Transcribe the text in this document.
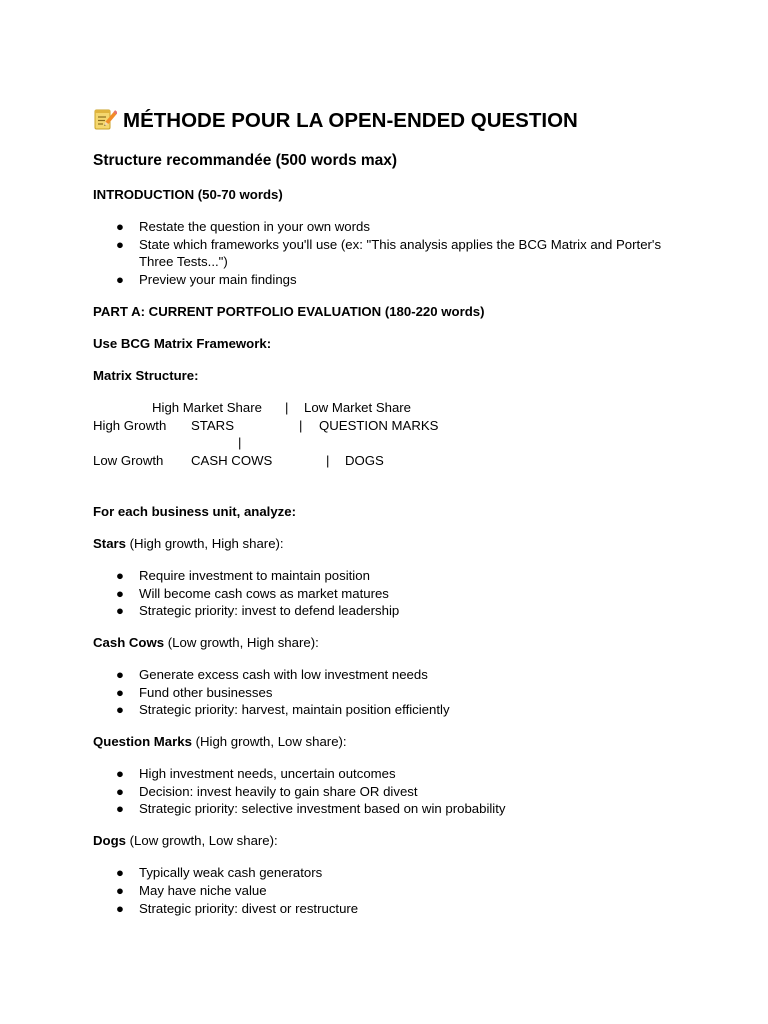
MÉTHODE POUR LA OPEN-ENDED QUESTION
Structure recommandée (500 words max)
INTRODUCTION (50-70 words)
● Restate the question in your own words
● State which frameworks you'll use (ex: "This analysis applies the BCG Matrix and Porter's Three Tests...")
● Preview your main findings
PART A: CURRENT PORTFOLIO EVALUATION (180-220 words)
Use BCG Matrix Framework:
Matrix Structure:
High Market Share | Low Market Share
High Growth STARS	| QUESTION MARKS
|
Low Growth CASH COWS	| DOGS
For each business unit, analyze:
Stars (High growth, High share):
● Require investment to maintain position
● Will become cash cows as market matures
● Strategic priority: invest to defend leadership
Cash Cows (Low growth, High share):
● Generate excess cash with low investment needs
● Fund other businesses
● Strategic priority: harvest, maintain position efficiently
Question Marks (High growth, Low share):
● High investment needs, uncertain outcomes
● Decision: invest heavily to gain share OR divest
● Strategic priority: selective investment based on win probability
Dogs (Low growth, Low share):
● Typically weak cash generators
● May have niche value
● Strategic priority: divest or restructure
